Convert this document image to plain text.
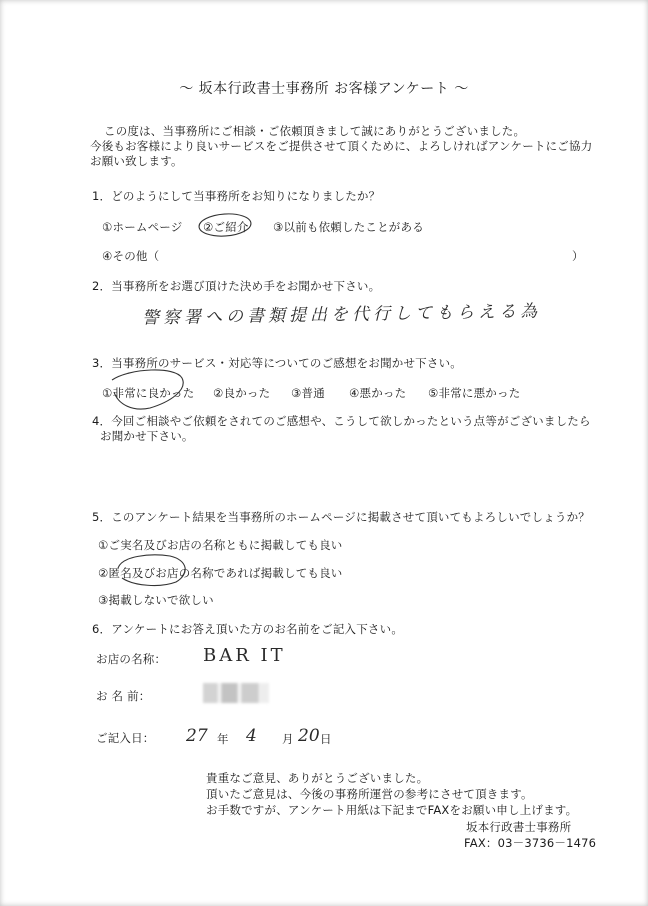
～ 坂本行政書士事務所 お客様アンケート ～
この度は、当事務所にご相談・ご依頼頂きまして誠にありがとうございました。
今後もお客様により良いサービスをご提供させて頂くために、よろしければアンケートにご協力
お願い致します。
1．どのようにして当事務所をお知りになりましたか？
①ホームページ ②ご紹介 ③以前も依頼したことがある
④その他（	）
2．当事務所をお選び頂けた決め手をお聞かせ下さい。
警察署への書類提出を代行してもらえる為
3．当事務所のサービス・対応等についてのご感想をお聞かせ下さい。
①非常に良かった ②良かった ③普通 ④悪かった ⑤非常に悪かった
4．今回ご相談やご依頼をされてのご感想や、こうして欲しかったという点等がございましたら
お聞かせ下さい。
5．このアンケート結果を当事務所のホームページに掲載させて頂いてもよろしいでしょうか？
①ご実名及びお店の名称ともに掲載しても良い
②匿名及びお店の名称であれば掲載しても良い
③掲載しないで欲しい
6．アンケートにお答え頂いた方のお名前をご記入下さい。
お店の名称： BAR IT
お 名 前：
ご記入日： 27 年 4 月 20 日
貴重なご意見、ありがとうございました。
頂いたご意見は、今後の事務所運営の参考にさせて頂きます。
お手数ですが、アンケート用紙は下記までFAXをお願い申し上げます。
坂本行政書士事務所
FAX：03－3736－1476
